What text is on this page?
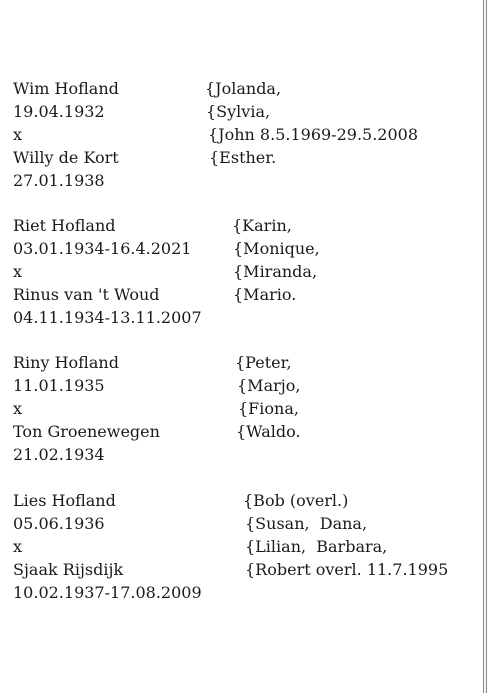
Wim Hofland
19.04.1932
x
Willy de Kort
27.01.1938
{Jolanda,
{Sylvia,
{John 8.5.1969-29.5.2008
{Esther.
Riet Hofland
03.01.1934-16.4.2021
x
Rinus van 't Woud
04.11.1934-13.11.2007
{Karin,
{Monique,
{Miranda,
{Mario.
Riny Hofland
11.01.1935
x
Ton Groenewegen
21.02.1934
{Peter,
{Marjo,
{Fiona,
{Waldo.
Lies Hofland
05.06.1936
x
Sjaak Rijsdijk
10.02.1937-17.08.2009
{Bob (overl.)
{Susan,  Dana,
{Lilian,  Barbara,
{Robert overl. 11.7.1995
